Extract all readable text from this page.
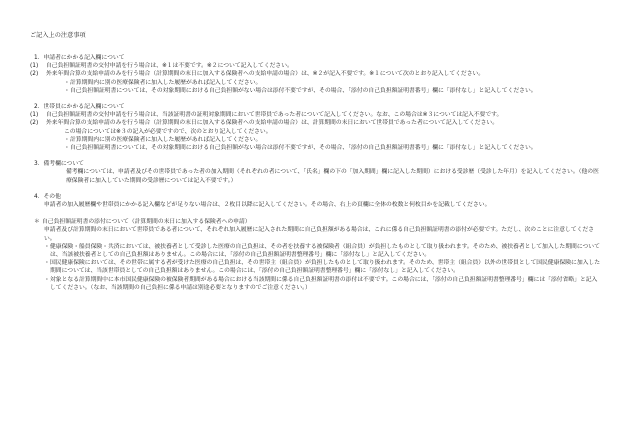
ご記入上の注意事項
1．申請者にかかる記入欄について
(1)	自己負担額証明書の交付申請を行う場合は、※１は不要です。※２について記入してください。
(2)	外来年間合算の支給申請のみを行う場合（計算期間の末日に加入する保険者への支給申請の場合）は、※２が記入不要です。※１について次のとおり記入してください。
・ 計算期間内に別の医療保険者に加入した履歴があれば記入してください。
・ 自己負担額証明書については、その対象期間における自己負担額がない場合は添付不要ですが、その場合、「添付の自己負担額証明書番号」欄に「添付なし」と記入してください。
2．世帯員にかかる記入欄について
(1)	自己負担額証明書の交付申請を行う場合は、当該証明書の証明対象期間において世帯員であった者について記入してください。なお、この場合は※３については記入不要です。
(2)	外来年間合算の支給申請のみを行う場合（計算期間の末日に加入する保険者への支給申請の場合）は、計算期間の末日において世帯員であった者について記入してください。
この場合については※３の記入が必要ですので、次のとおり記入してください。
・ 計算期間内に別の医療保険者に加入した履歴があれば記入してください。
・ 自己負担額証明書については、その対象期間における自己負担額がない場合は添付不要ですが、その場合、「添付の自己負担額証明書番号」欄に「添付なし」と記入してください。
3．備考欄について
備考欄については、申請者及びその世帯員であった者の加入期間（それぞれの者について、「氏名」欄の下の「加入期間」欄に記入した期間）における受診歴（受診した年月）を記入してください。（他の医療保険者に加入していた期間の受診歴については記入不要です。）
4．その他
申請者の加入履歴欄や世帯員にかかる記入欄などが足りない場合は、２枚目以降に記入してください。その場合、右上の頁欄に全体の枚数と何枚目かを記載してください。
＊ 自己負担額証明書の添付について（計算期間の末日に加入する保険者への申請）
申請者及び計算期間の末日において世帯員である者について、それぞれ加入履歴に記入された期間に自己負担額がある場合は、これに係る自己負担額証明書の添付が必要です。ただし、次のことに注意してください。
・ 健康保険・船員保険・共済においては、被扶養者として受診した医療の自己負担は、その者を扶養する被保険者（組合員）が負担したものとして取り扱われます。そのため、被扶養者として加入した期間については、当該被扶養者としての自己負担額はありません。この場合には、「添付の自己負担額証明書整理番号」欄に「添付なし」と記入してください。
・ 国民健康保険においては、その世帯に属する者が受けた医療の自己負担は、その世帯主（組合員）が負担したものとして取り扱われます。そのため、世帯主（組合員）以外の世帯員として国民健康保険に加入した期間については、当該世帯員としての自己負担額はありません。この場合には、「添付の自己負担額証明書整理番号」欄に「添付なし」と記入してください。
・ 対象となる計算期間中に本市国民健康保険の被保険者期間がある場合における当該期間に係る自己負担額証明書の添付は不要です。この場合には、「添付の自己負担額証明書整理番号」欄には「添付省略」と記入してください。（なお、当該期間の自己負担に係る申請は別途必要となりますのでご注意ください。）
